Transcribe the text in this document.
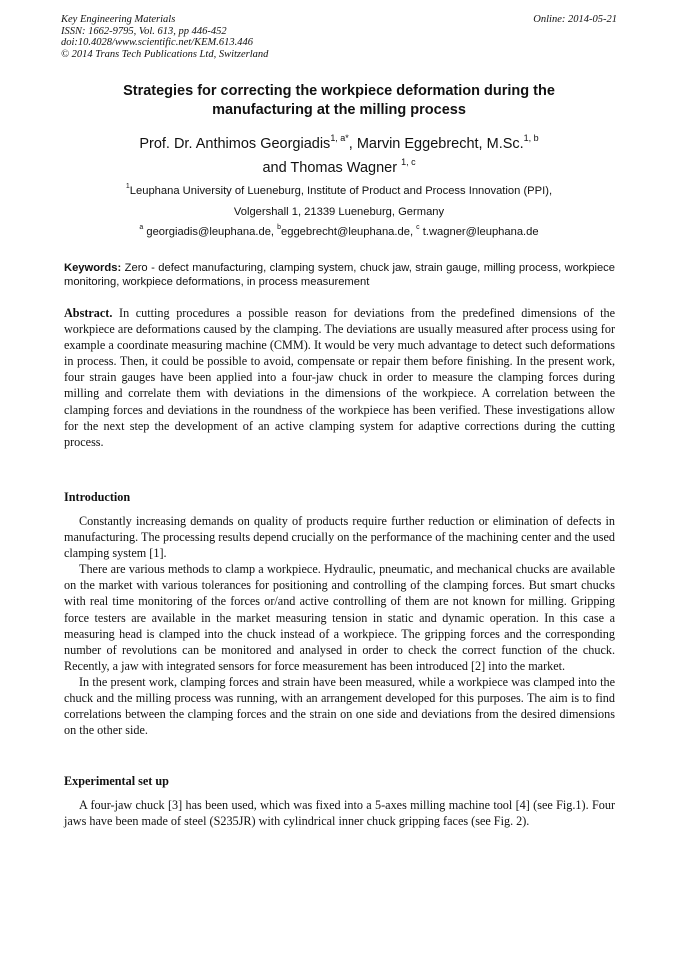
Key Engineering Materials
ISSN: 1662-9795, Vol. 613, pp 446-452
doi:10.4028/www.scientific.net/KEM.613.446
© 2014 Trans Tech Publications Ltd, Switzerland
Online: 2014-05-21
Strategies for correcting the workpiece deformation during the
manufacturing at the milling process
Prof. Dr. Anthimos Georgiadis$^{1, a*}$, Marvin Eggebrecht, M.Sc.$^{1, b}$
and Thomas Wagner $^{1, c}$
$^1$Leuphana University of Lueneburg, Institute of Product and Process Innovation (PPI),
Volgershall 1, 21339 Lueneburg, Germany
$^a$ georgiadis@leuphana.de, $^b$eggebrecht@leuphana.de, $^c$ t.wagner@leuphana.de
Keywords: Zero - defect manufacturing, clamping system, chuck jaw, strain gauge, milling process, workpiece monitoring, workpiece deformations, in process measurement
Abstract. In cutting procedures a possible reason for deviations from the predefined dimensions of the workpiece are deformations caused by the clamping. The deviations are usually measured after process using for example a coordinate measuring machine (CMM). It would be very much advantage to detect such deformations in process. Then, it could be possible to avoid, compensate or repair them before finishing. In the present work, four strain gauges have been applied into a four-jaw chuck in order to measure the clamping forces during milling and correlate them with deviations in the dimensions of the workpiece. A correlation between the clamping forces and deviations in the roundness of the workpiece has been verified. These investigations allow for the next step the development of an active clamping system for adaptive corrections during the cutting process.
Introduction

Constantly increasing demands on quality of products require further reduction or elimination of defects in manufacturing. The processing results depend crucially on the performance of the machining center and the used clamping system [1].

There are various methods to clamp a workpiece. Hydraulic, pneumatic, and mechanical chucks are available on the market with various tolerances for positioning and controlling of the clamping forces. But smart chucks with real time monitoring of the forces or/and active controlling of them are not known for milling. Gripping force testers are available in the market measuring tension in static and dynamic operation. In this case a measuring head is clamped into the chuck instead of a workpiece. The gripping forces and the corresponding number of revolutions can be monitored and analysed in order to check the correct function of the chuck. Recently, a jaw with integrated sensors for force measurement has been introduced [2] into the market.

In the present work, clamping forces and strain have been measured, while a workpiece was clamped into the chuck and the milling process was running, with an arrangement developed for this purposes. The aim is to find correlations between the clamping forces and the strain on one side and deviations from the desired dimensions on the other side.

Experimental set up

A four-jaw chuck [3] has been used, which was fixed into a 5-axes milling machine tool [4] (see Fig.1). Four jaws have been made of steel (S235JR) with cylindrical inner chuck gripping faces (see Fig. 2).
